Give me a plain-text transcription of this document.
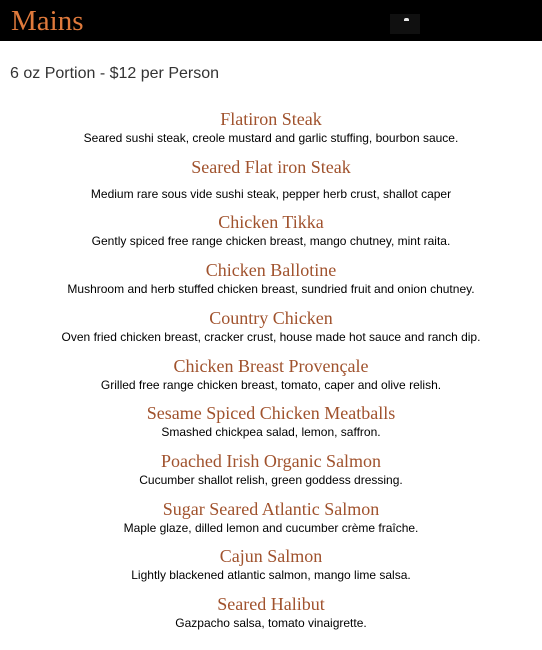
Mains
6 oz Portion - $12 per Person
Flatiron Steak
Seared sushi steak, creole mustard and garlic stuffing, bourbon sauce.
Seared Flat iron Steak
Medium rare sous vide sushi steak, pepper herb crust, shallot caper
Chicken Tikka
Gently spiced free range chicken breast, mango chutney, mint raita.
Chicken Ballotine
Mushroom and herb stuffed chicken breast, sundried fruit and onion chutney.
Country Chicken
Oven fried chicken breast, cracker crust, house made hot sauce and ranch dip.
Chicken Breast Provençale
Grilled free range chicken breast, tomato, caper and olive relish.
Sesame Spiced Chicken Meatballs
Smashed chickpea salad, lemon, saffron.
Poached Irish Organic Salmon
Cucumber shallot relish, green goddess dressing.
Sugar Seared Atlantic Salmon
Maple glaze, dilled lemon and cucumber crème fraîche.
Cajun Salmon
Lightly blackened atlantic salmon, mango lime salsa.
Seared Halibut
Gazpacho salsa, tomato vinaigrette.
